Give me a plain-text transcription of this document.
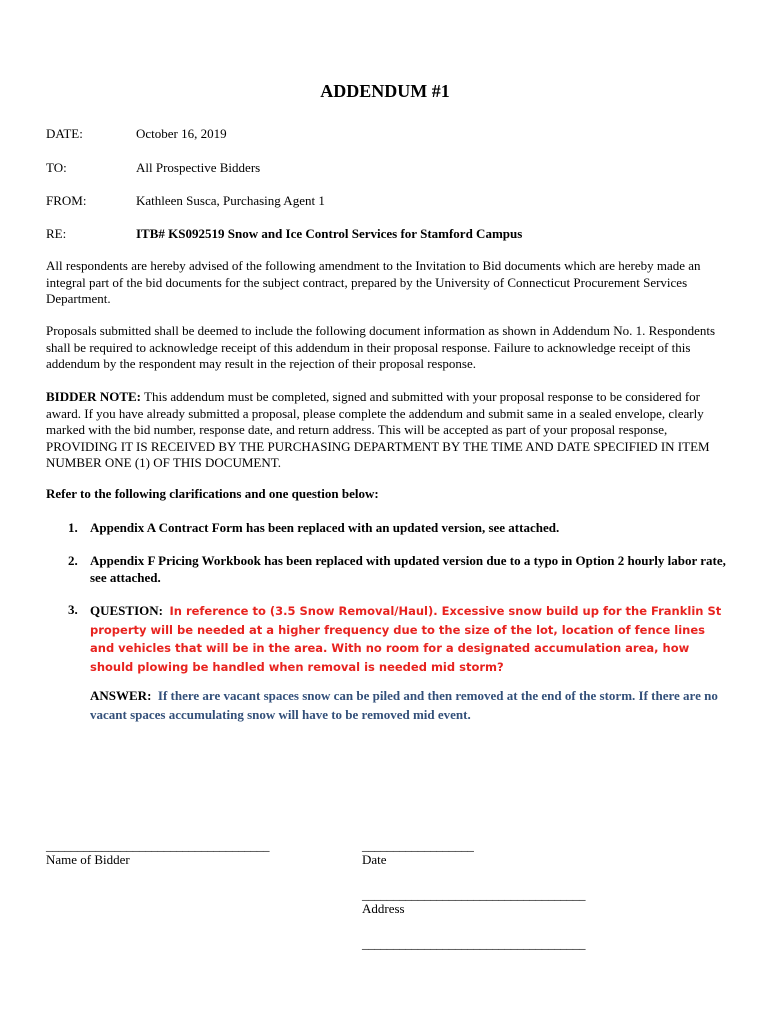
ADDENDUM #1
DATE:	October 16, 2019
TO:	All Prospective Bidders
FROM:	Kathleen Susca, Purchasing Agent 1
RE:	ITB# KS092519 Snow and Ice Control Services for Stamford Campus

All respondents are hereby advised of the following amendment to the Invitation to Bid documents which are hereby made an integral part of the bid documents for the subject contract, prepared by the University of Connecticut Procurement Services Department.

Proposals submitted shall be deemed to include the following document information as shown in Addendum No. 1. Respondents shall be required to acknowledge receipt of this addendum in their proposal response. Failure to acknowledge receipt of this addendum by the respondent may result in the rejection of their proposal response.

BIDDER NOTE: This addendum must be completed, signed and submitted with your proposal response to be considered for award. If you have already submitted a proposal, please complete the addendum and submit same in a sealed envelope, clearly marked with the bid number, response date, and return address. This will be accepted as part of your proposal response, PROVIDING IT IS RECEIVED BY THE PURCHASING DEPARTMENT BY THE TIME AND DATE SPECIFIED IN ITEM NUMBER ONE (1) OF THIS DOCUMENT.

Refer to the following clarifications and one question below:
1. Appendix A Contract Form has been replaced with an updated version, see attached.
2. Appendix F Pricing Workbook has been replaced with updated version due to a typo in Option 2 hourly labor rate, see attached.
3. QUESTION: In reference to (3.5 Snow Removal/Haul). Excessive snow build up for the Franklin St property will be needed at a higher frequency due to the size of the lot, location of fence lines and vehicles that will be in the area. With no room for a designated accumulation area, how should plowing be handled when removal is needed mid storm?
ANSWER: If there are vacant spaces snow can be piled and then removed at the end of the storm. If there are no vacant spaces accumulating snow will have to be removed mid event.
____________________________________
Name of Bidder
__________________
Date
____________________________________
Address
____________________________________
